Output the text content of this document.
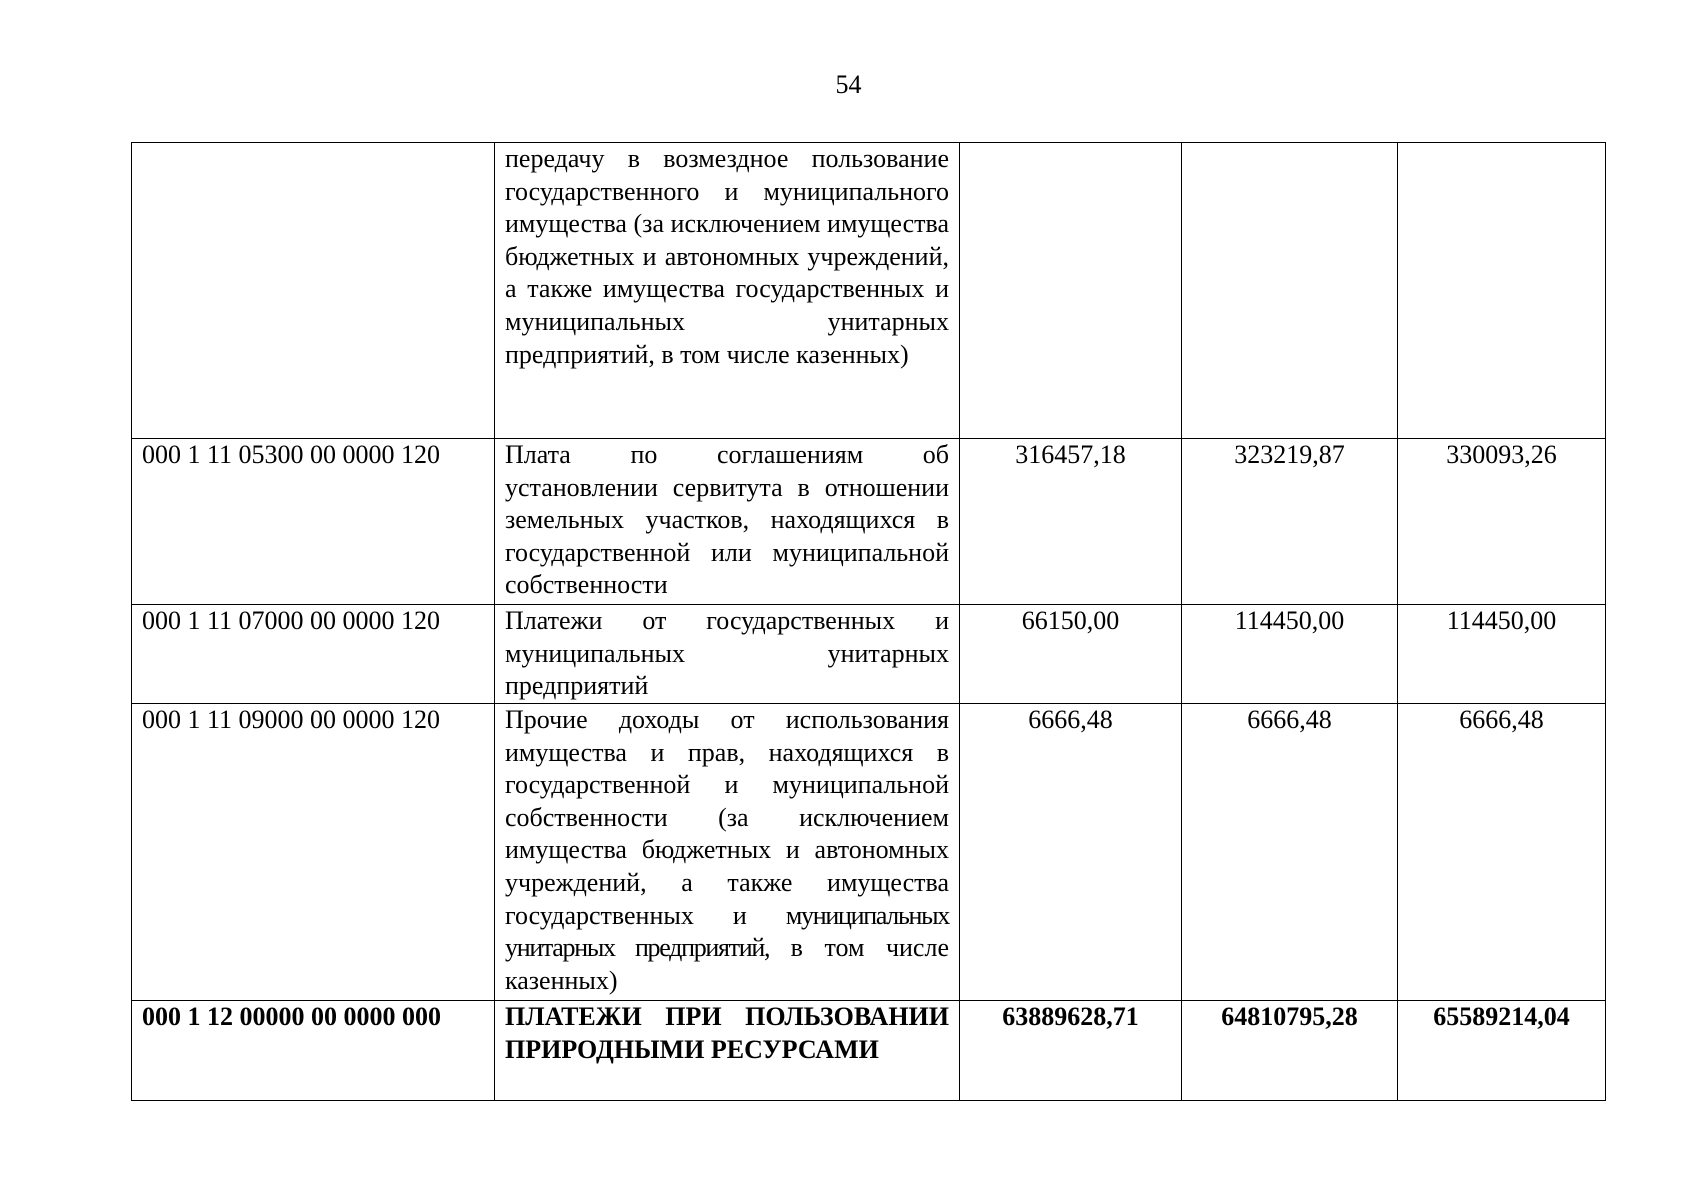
54
	передачу в возмездное пользование государственного и муниципального имущества (за исключением имущества бюджетных и автономных учреждений, а также имущества государственных и муниципальных унитарных предприятий, в том числе казенных)			
000 1 11 05300 00 0000 120	Плата по соглашениям об установлении сервитута в отношении земельных участков, находящихся в государственной или муниципальной собственности	316457,18	323219,87	330093,26
000 1 11 07000 00 0000 120	Платежи от государственных и муниципальных унитарных предприятий	66150,00	114450,00	114450,00
000 1 11 09000 00 0000 120	Прочие доходы от использования имущества и прав, находящихся в государственной и муниципальной собственности (за исключением имущества бюджетных и автономных учреждений, а также имущества государственных и муниципальных унитарных предприятий, в том числе казенных)	6666,48	6666,48	6666,48
000 1 12 00000 00 0000 000	ПЛАТЕЖИ ПРИ ПОЛЬЗОВАНИИ ПРИРОДНЫМИ РЕСУРСАМИ	63889628,71	64810795,28	65589214,04
